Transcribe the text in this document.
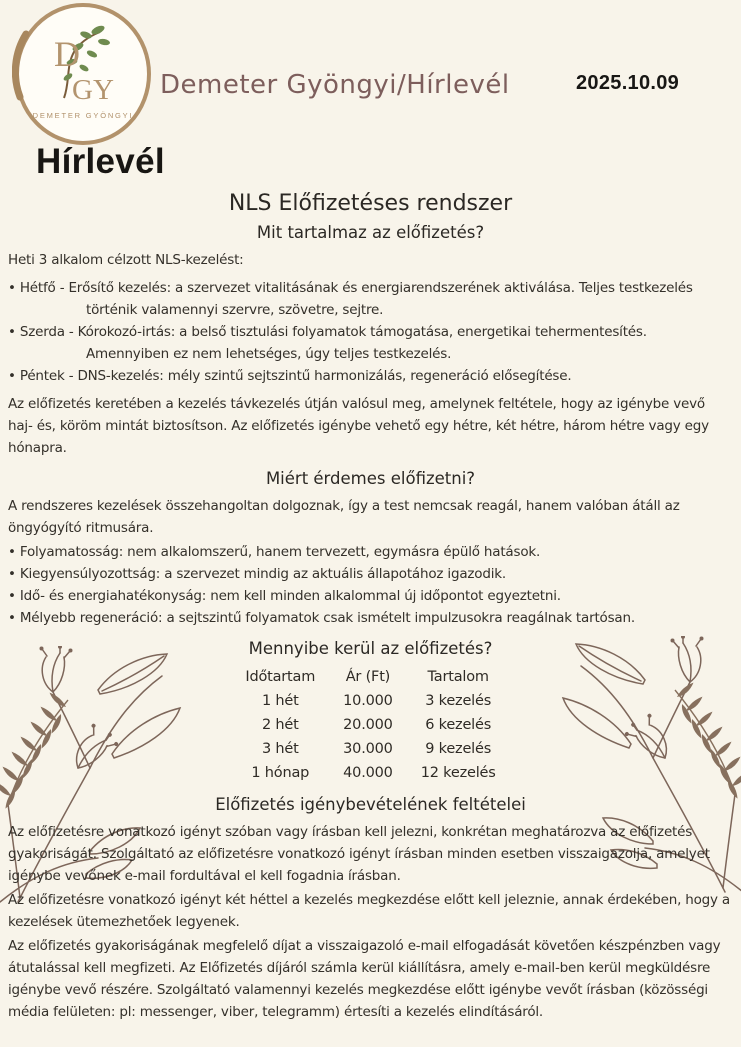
D
GY
DEMETER GYÖNGYI
Demeter Gyöngyi/Hírlevél	2025.10.09
Hírlevél
NLS Előfizetéses rendszer
Mit tartalmaz az előfizetés?

Heti 3 alkalom célzott NLS-kezelést:

• Hétfő - Erősítő kezelés: a szervezet vitalitásának és energiarendszerének aktiválása. Teljes testkezelés történik valamennyi szervre, szövetre, sejtre.
• Szerda - Kórokozó-irtás: a belső tisztulási folyamatok támogatása, energetikai tehermentesítés. Amennyiben ez nem lehetséges, úgy teljes testkezelés.
• Péntek - DNS-kezelés: mély szintű sejtszintű harmonizálás, regeneráció elősegítése.

Az előfizetés keretében a kezelés távkezelés útján valósul meg, amelynek feltétele, hogy az igénybe vevő haj- és, köröm mintát biztosítson. Az előfizetés igénybe vehető egy hétre, két hétre, három hétre vagy egy hónapra.

Miért érdemes előfizetni?

A rendszeres kezelések összehangoltan dolgoznak, így a test nemcsak reagál, hanem valóban átáll az öngyógyító ritmusára.

• Folyamatosság: nem alkalomszerű, hanem tervezett, egymásra épülő hatások.
• Kiegyensúlyozottság: a szervezet mindig az aktuális állapotához igazodik.
• Idő- és energiahatékonyság: nem kell minden alkalommal új időpontot egyeztetni.
• Mélyebb regeneráció: a sejtszintű folyamatok csak ismételt impulzusokra reagálnak tartósan.
Mennyibe kerül az előfizetés?
Időtartam	Ár (Ft)	Tartalom
1 hét	10.000	3 kezelés
2 hét	20.000	6 kezelés
3 hét	30.000	9 kezelés
1 hónap	40.000	12 kezelés
Előfizetés igénybevételének feltételei

Az előfizetésre vonatkozó igényt szóban vagy írásban kell jelezni, konkrétan meghatározva az előfizetés gyakoriságát. Szolgáltató az előfizetésre vonatkozó igényt írásban minden esetben visszaigazolja, amelyet igénybe vevőnek e-mail fordultával el kell fogadnia írásban.

Az előfizetésre vonatkozó igényt két héttel a kezelés megkezdése előtt kell jeleznie, annak érdekében, hogy a kezelések ütemezhetőek legyenek.

Az előfizetés gyakoriságának megfelelő díjat a visszaigazoló e-mail elfogadását követően készpénzben vagy átutalással kell megfizeti. Az Előfizetés díjáról számla kerül kiállításra, amely e-mail-ben kerül megküldésre igénybe vevő részére. Szolgáltató valamennyi kezelés megkezdése előtt igénybe vevőt írásban (közösségi média felületen: pl: messenger, viber, telegramm) értesíti a kezelés elindításáról.
